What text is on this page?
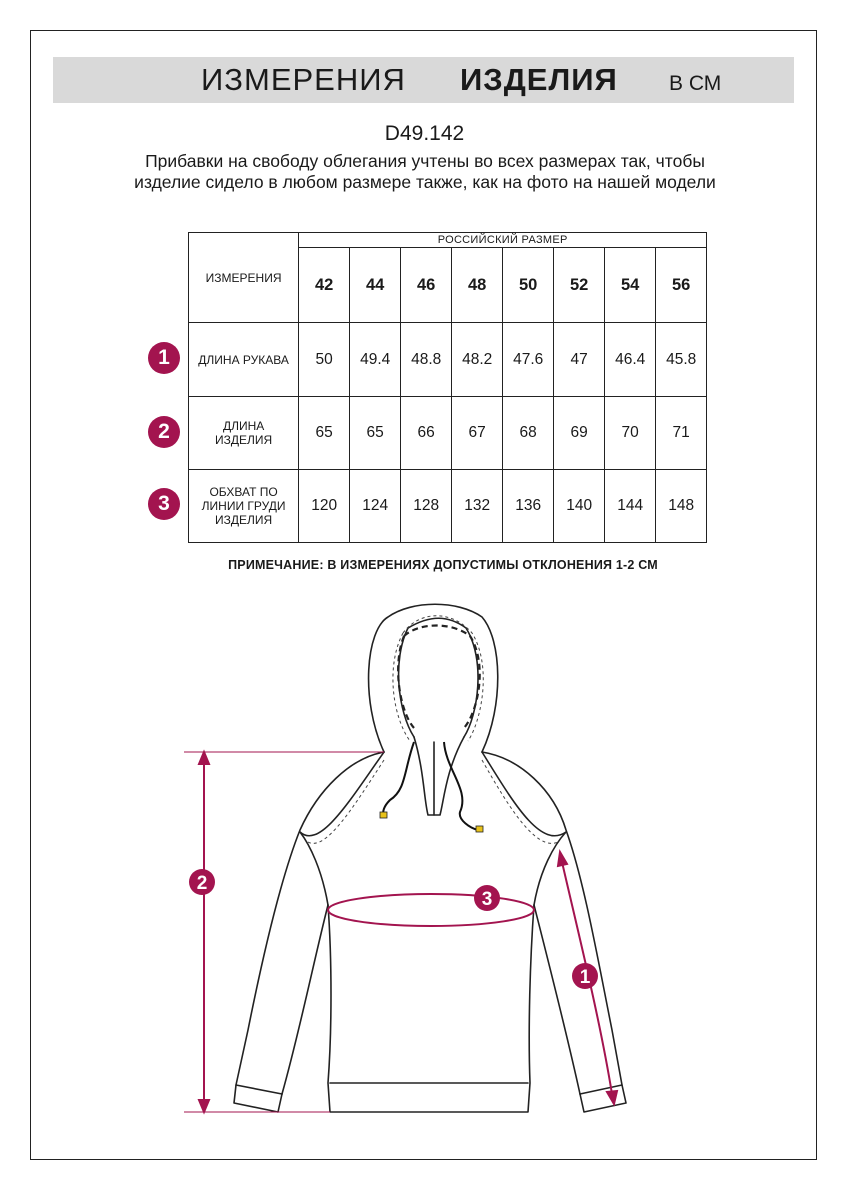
ИЗМЕРЕНИЯ ИЗДЕЛИЯ В СМ
D49.142
Прибавки на свободу облегания учтены во всех размерах так, чтобы изделие сидело в любом размере также, как на фото на нашей модели
ИЗМЕРЕНИЯ	РОССИЙСКИЙ РАЗМЕР							
	42	44	46	48	50	52	54	56
ДЛИНА РУКАВА	50	49.4	48.8	48.2	47.6	47	46.4	45.8
ДЛИНА ИЗДЕЛИЯ	65	65	66	67	68	69	70	71
ОБХВАТ ПО ЛИНИИ ГРУДИ ИЗДЕЛИЯ	120	124	128	132	136	140	144	148
1
2
3
ПРИМЕЧАНИЕ: В ИЗМЕРЕНИЯХ ДОПУСТИМЫ ОТКЛОНЕНИЯ 1-2 СМ
2
3
1
